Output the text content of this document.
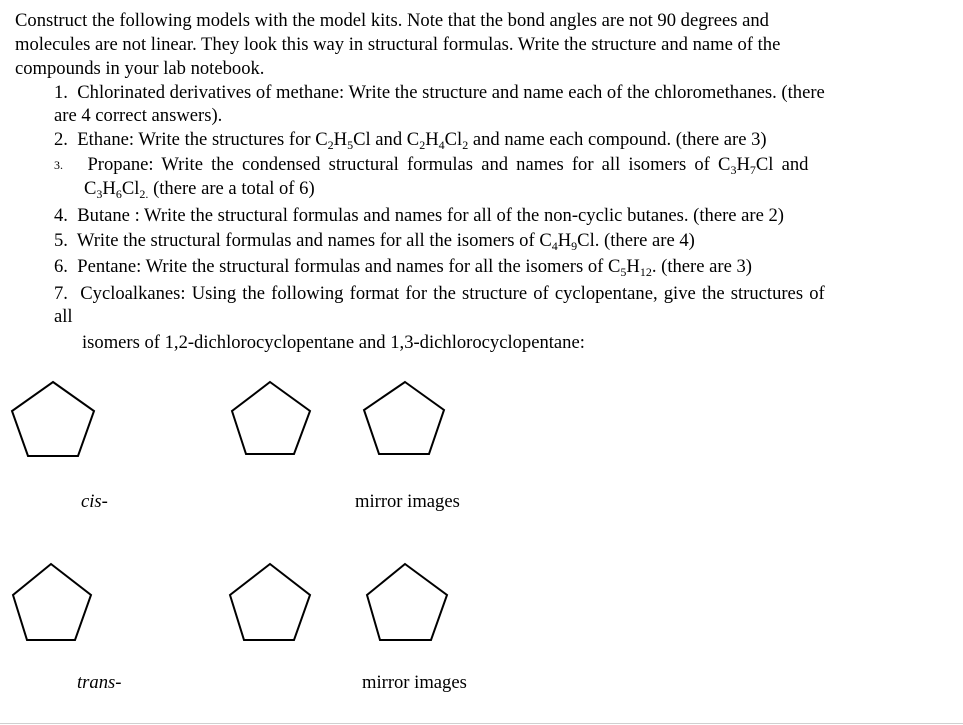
Construct the following models with the model kits. Note that the bond angles are not 90 degrees and
molecules are not linear. They look this way in structural formulas. Write the structure and name of the
compounds in your lab notebook.
1. Chlorinated derivatives of methane: Write the structure and name each of the chloromethanes. (there
are 4 correct answers).
2. Ethane: Write the structures for $C_2H_5Cl$ and $C_2H_4Cl_2$ and name each compound. (there are 3)
3. Propane: Write the condensed structural formulas and names for all isomers of $C_3H_7Cl$ and
$C_3H_6Cl_{2.}$ (there are a total of 6)
4. Butane : Write the structural formulas and names for all of the non-cyclic butanes. (there are 2)
5. Write the structural formulas and names for all the isomers of $C_4H_9Cl$. (there are 4)
6. Pentane: Write the structural formulas and names for all the isomers of $C_5H_{12}$. (there are 3)
7. Cycloalkanes: Using the following format for the structure of cyclopentane, give the structures of
all
isomers of 1,2-dichlorocyclopentane and 1,3-dichlorocyclopentane:
cis-	mirror images
trans-	mirror images
